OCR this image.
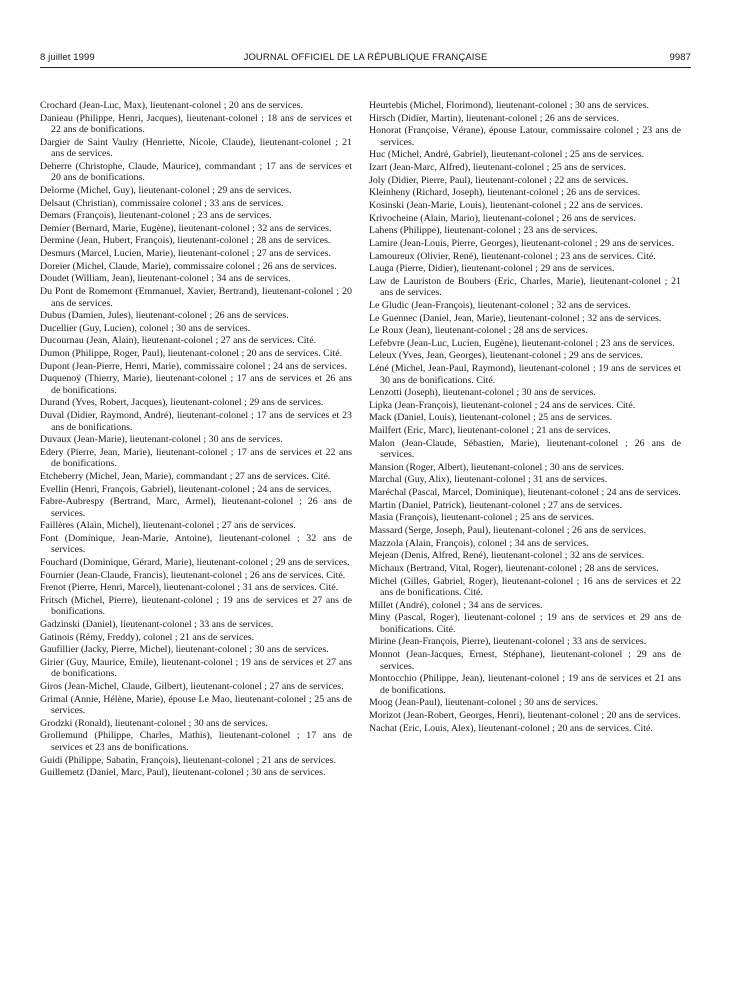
8 juillet 1999	JOURNAL OFFICIEL DE LA RÉPUBLIQUE FRANÇAISE	9987

Crochard (Jean-Luc, Max), lieutenant-colonel ; 20 ans de services.

Danieau (Philippe, Henri, Jacques), lieutenant-colonel ; 18 ans de services et 22 ans de bonifications.

Dargier de Saint Vaulry (Henriette, Nicole, Claude), lieutenant-colonel ; 21 ans de services.

Deherre (Christophe, Claude, Maurice), commandant ; 17 ans de services et 20 ans de bonifications.

Delorme (Michel, Guy), lieutenant-colonel ; 29 ans de services.

Delsaut (Christian), commissaire colonel ; 33 ans de services.

Demars (François), lieutenant-colonel ; 23 ans de services.

Demier (Bernard, Marie, Eugène), lieutenant-colonel ; 32 ans de services.

Dermine (Jean, Hubert, François), lieutenant-colonel ; 28 ans de services.

Desmurs (Marcel, Lucien, Marie), lieutenant-colonel ; 27 ans de services.

Doreier (Michel, Claude, Marie), commissaire colonel ; 26 ans de services.

Doudet (William, Jean), lieutenant-colonel ; 34 ans de services.

Du Pont de Romemont (Emmanuel, Xavier, Bertrand), lieutenant-colonel ; 20 ans de services.

Dubus (Damien, Jules), lieutenant-colonel ; 26 ans de services.

Ducellier (Guy, Lucien), colonel ; 30 ans de services.

Ducournau (Jean, Alain), lieutenant-colonel ; 27 ans de services. Cité.

Dumon (Philippe, Roger, Paul), lieutenant-colonel ; 20 ans de services. Cité.

Dupont (Jean-Pierre, Henri, Marie), commissaire colonel ; 24 ans de services.

Duquenoÿ (Thierry, Marie), lieutenant-colonel ; 17 ans de services et 26 ans de bonifications.

Durand (Yves, Robert, Jacques), lieutenant-colonel ; 29 ans de services.

Duval (Didier, Raymond, André), lieutenant-colonel ; 17 ans de services et 23 ans de bonifications.

Duvaux (Jean-Marie), lieutenant-colonel ; 30 ans de services.

Edery (Pierre, Jean, Marie), lieutenant-colonel ; 17 ans de services et 22 ans de bonifications.

Etcheberry (Michel, Jean, Marie), commandant ; 27 ans de services. Cité.

Evellin (Henri, François, Gabriel), lieutenant-colonel ; 24 ans de services.

Fabre-Aubrespy (Bertrand, Marc, Armel), lieutenant-colonel ; 26 ans de services.

Faillères (Alain, Michel), lieutenant-colonel ; 27 ans de services.

Font (Dominique, Jean-Marie, Antoine), lieutenant-colonel ; 32 ans de services.

Fouchard (Dominique, Gérard, Marie), lieutenant-colonel ; 29 ans de services.

Fournier (Jean-Claude, Francis), lieutenant-colonel ; 26 ans de services. Cité.

Frenot (Pierre, Henri, Marcel), lieutenant-colonel ; 31 ans de services. Cité.

Fritsch (Michel, Pierre), lieutenant-colonel ; 19 ans de services et 27 ans de bonifications.

Gadzinski (Daniel), lieutenant-colonel ; 33 ans de services.

Gatinois (Rémy, Freddy), colonel ; 21 ans de services.

Gaufillier (Jacky, Pierre, Michel), lieutenant-colonel ; 30 ans de services.

Girier (Guy, Maurice, Emile), lieutenant-colonel ; 19 ans de services et 27 ans de bonifications.

Giros (Jean-Michel, Claude, Gilbert), lieutenant-colonel ; 27 ans de services.

Grimal (Annie, Hélène, Marie), épouse Le Mao, lieutenant-colonel ; 25 ans de services.

Grodzki (Ronald), lieutenant-colonel ; 30 ans de services.

Grollemund (Philippe, Charles, Mathis), lieutenant-colonel ; 17 ans de services et 23 ans de bonifications.

Guidi (Philippe, Sabatin, François), lieutenant-colonel ; 21 ans de services.

Guillemetz (Daniel, Marc, Paul), lieutenant-colonel ; 30 ans de services.

Heurtebis (Michel, Florimond), lieutenant-colonel ; 30 ans de services.

Hirsch (Didier, Martin), lieutenant-colonel ; 26 ans de services.

Honorat (Françoise, Vérane), épouse Latour, commissaire colonel ; 23 ans de services.

Huc (Michel, André, Gabriel), lieutenant-colonel ; 25 ans de services.

Izart (Jean-Marc, Alfred), lieutenant-colonel ; 25 ans de services.

Joly (Didier, Pierre, Paul), lieutenant-colonel ; 22 ans de services.

Kleinheny (Richard, Joseph), lieutenant-colonel ; 26 ans de services.

Kosinski (Jean-Marie, Louis), lieutenant-colonel ; 22 ans de services.

Krivocheine (Alain, Mario), lieutenant-colonel ; 26 ans de services.

Lahens (Philippe), lieutenant-colonel ; 23 ans de services.

Lamire (Jean-Louis, Pierre, Georges), lieutenant-colonel ; 29 ans de services.

Lamoureux (Olivier, René), lieutenant-colonel ; 23 ans de services. Cité.

Lauga (Pierre, Didier), lieutenant-colonel ; 29 ans de services.

Law de Lauriston de Boubers (Eric, Charles, Marie), lieutenant-colonel ; 21 ans de services.

Le Gludic (Jean-François), lieutenant-colonel ; 32 ans de services.

Le Guennec (Daniel, Jean, Marie), lieutenant-colonel ; 32 ans de services.

Le Roux (Jean), lieutenant-colonel ; 28 ans de services.

Lefebvre (Jean-Luc, Lucien, Eugène), lieutenant-colonel ; 23 ans de services.

Leleux (Yves, Jean, Georges), lieutenant-colonel ; 29 ans de services.

Léné (Michel, Jean-Paul, Raymond), lieutenant-colonel ; 19 ans de services et 30 ans de bonifications. Cité.

Lenzotti (Joseph), lieutenant-colonel ; 30 ans de services.

Lipka (Jean-François), lieutenant-colonel ; 24 ans de services. Cité.

Mack (Daniel, Louis), lieutenant-colonel ; 25 ans de services.

Mailfert (Eric, Marc), lieutenant-colonel ; 21 ans de services.

Malon (Jean-Claude, Sébastien, Marie), lieutenant-colonel ; 26 ans de services.

Mansion (Roger, Albert), lieutenant-colonel ; 30 ans de services.

Marchal (Guy, Alix), lieutenant-colonel ; 31 ans de services.

Maréchal (Pascal, Marcel, Dominique), lieutenant-colonel ; 24 ans de services.

Martin (Daniel, Patrick), lieutenant-colonel ; 27 ans de services.

Masia (François), lieutenant-colonel ; 25 ans de services.

Massard (Serge, Joseph, Paul), lieutenant-colonel ; 26 ans de services.

Mazzola (Alain, François), colonel ; 34 ans de services.

Mejean (Denis, Alfred, René), lieutenant-colonel ; 32 ans de services.

Michaux (Bertrand, Vital, Roger), lieutenant-colonel ; 28 ans de services.

Michel (Gilles, Gabriel, Roger), lieutenant-colonel ; 16 ans de services et 22 ans de bonifications. Cité.

Millet (André), colonel ; 34 ans de services.

Miny (Pascal, Roger), lieutenant-colonel ; 19 ans de services et 29 ans de bonifications. Cité.

Mirine (Jean-François, Pierre), lieutenant-colonel ; 33 ans de services.

Monnot (Jean-Jacques, Ernest, Stéphane), lieutenant-colonel ; 29 ans de services.

Montocchio (Philippe, Jean), lieutenant-colonel ; 19 ans de services et 21 ans de bonifications.

Moog (Jean-Paul), lieutenant-colonel ; 30 ans de services.

Morizot (Jean-Robert, Georges, Henri), lieutenant-colonel ; 20 ans de services.

Nachat (Eric, Louis, Alex), lieutenant-colonel ; 20 ans de services. Cité.
